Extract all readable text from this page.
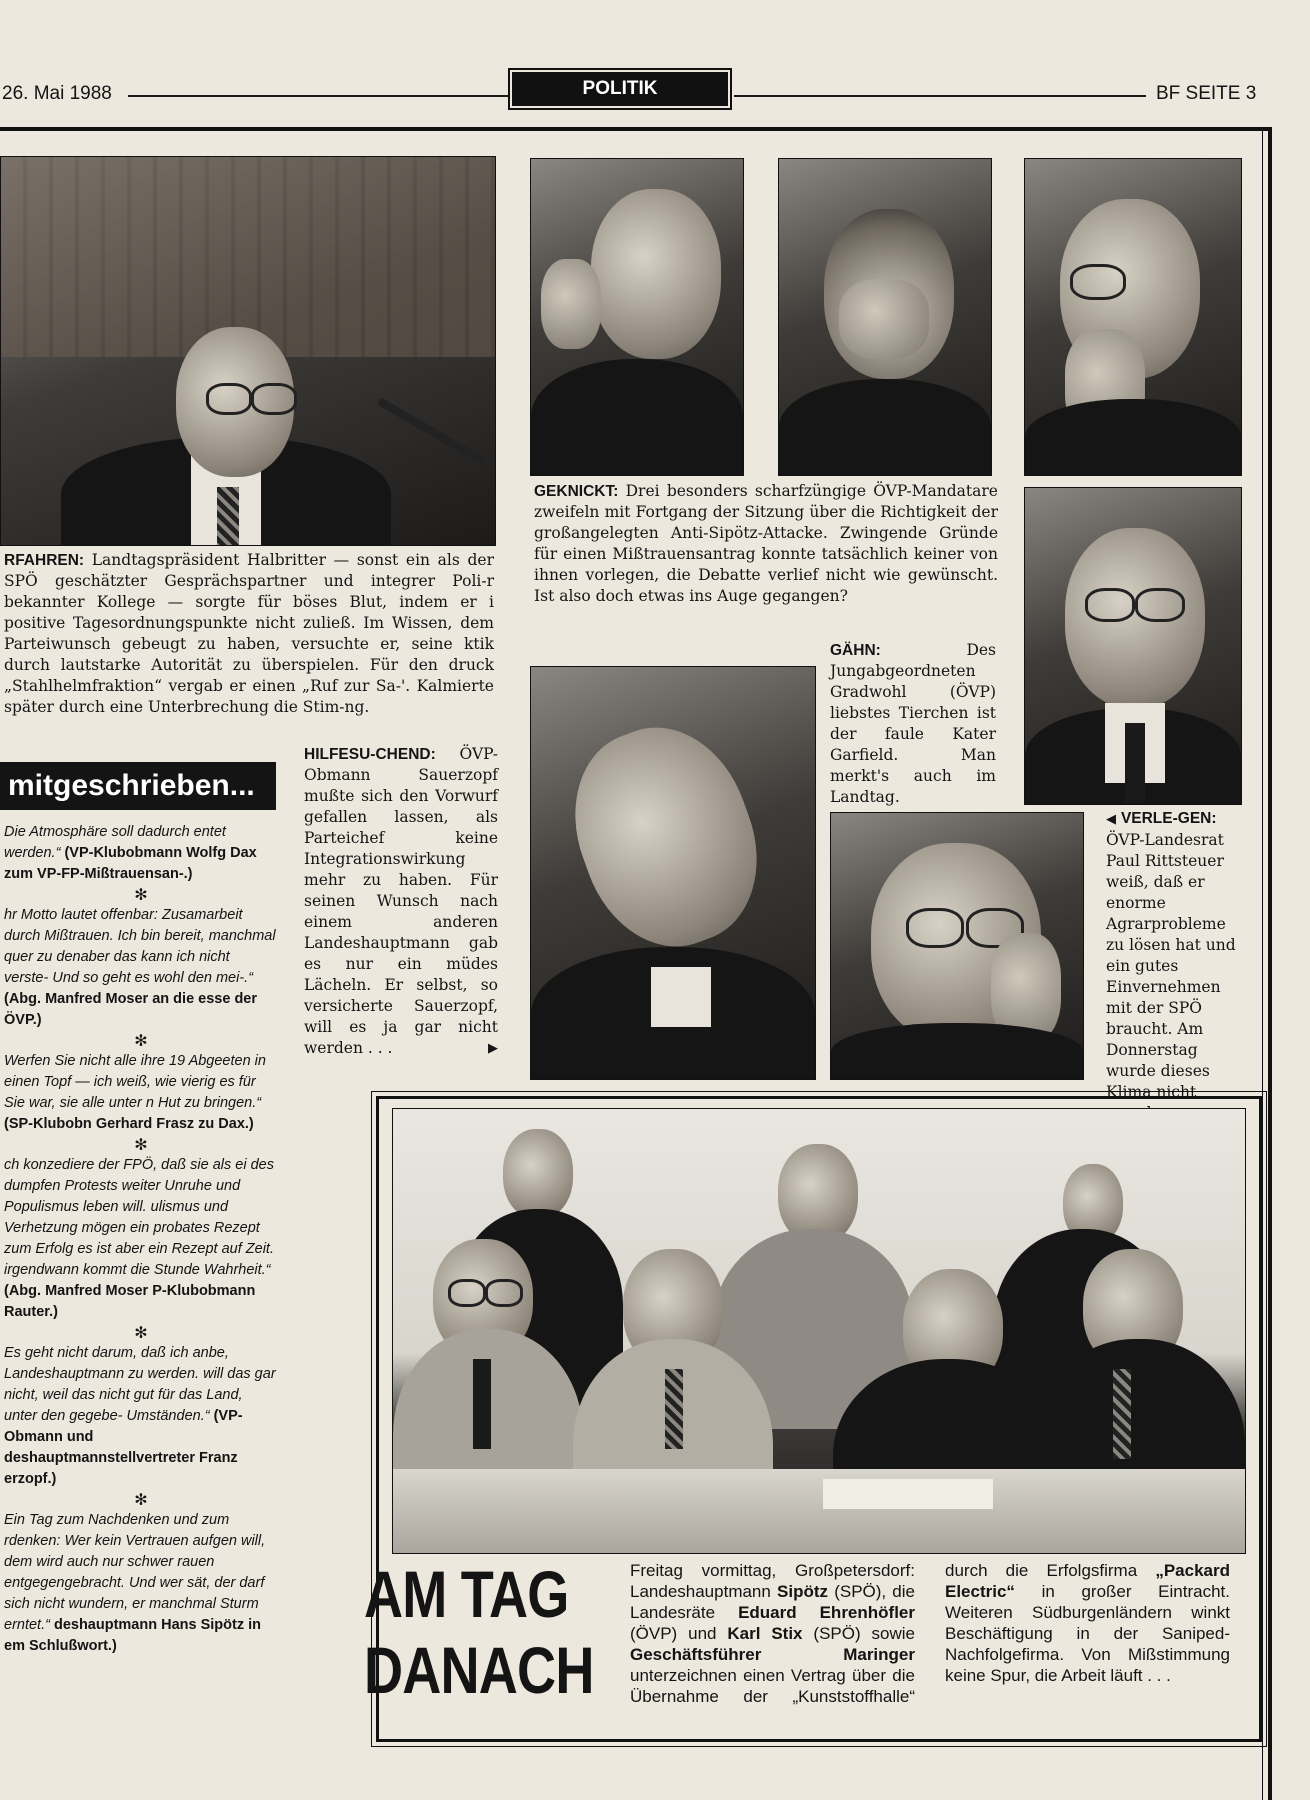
26. Mai 1988	POLITIK	BF SEITE 3
RFAHREN: Landtagspräsident Halbritter — sonst ein als der SPÖ geschätzter Gesprächspartner und integrer Poli-r bekannter Kollege — sorgte für böses Blut, indem er i positive Tagesordnungspunkte nicht zuließ. Im Wissen, dem Parteiwunsch gebeugt zu haben, versuchte er, seine ktik durch lautstarke Autorität zu überspielen. Für den druck „Stahlhelmfraktion“ vergab er einen „Ruf zur Sa-'. Kalmierte später durch eine Unterbrechung die Stim-ng.
GEKNICKT: Drei besonders scharfzüngige ÖVP-Mandatare zweifeln mit Fortgang der Sitzung über die Richtigkeit der großangelegten Anti-Sipötz-Attacke. Zwingende Gründe für einen Mißtrauensantrag konnte tatsächlich keiner von ihnen vorlegen, die Debatte verlief nicht wie gewünscht. Ist also doch etwas ins Auge gegangen?
GÄHN:	Des Jungabgeordneten Gradwohl (ÖVP) liebstes Tierchen ist der faule Kater Garfield. Man merkt's auch im Landtag.
◀ VERLE-GEN: ÖVP-Landesrat Paul Rittsteuer weiß, daß er enorme Agrarprobleme zu lösen hat und ein gutes Einvernehmen mit der SPÖ braucht. Am Donnerstag wurde dieses Klima nicht
HILFESU-CHEND: ÖVP-Obmann Sauerzopf mußte sich den Vorwurf gefallen lassen, als Parteichef keine Integrationswirkung mehr zu haben. Für seinen Wunsch nach einem anderen Landeshauptmann gab es nur ein müdes Lächeln. Er selbst, so versicherte Sauerzopf, will es ja gar nicht werden . . .	▶
mitgeschrieben...
Die Atmosphäre soll dadurch entet werden.“ (VP-Klubobmann Wolfg Dax zum VP-FP-Mißtrauensan-.)
✻
hr Motto lautet offenbar: Zusamarbeit durch Mißtrauen. Ich bin bereit, manchmal quer zu denaber das kann ich nicht verste- Und so geht es wohl den mei-.“ (Abg. Manfred Moser an die esse der ÖVP.)
✻
Werfen Sie nicht alle ihre 19 Abgeeten in einen Topf — ich weiß, wie vierig es für Sie war, sie alle unter n Hut zu bringen.“ (SP-Klubobn Gerhard Frasz zu Dax.)
✻
ch konzediere der FPÖ, daß sie als ei des dumpfen Protests weiter Unruhe und Populismus leben will. ulismus und Verhetzung mögen ein probates Rezept zum Erfolg es ist aber ein Rezept auf Zeit. irgendwann kommt die Stunde Wahrheit.“ (Abg. Manfred Moser P-Klubobmann Rauter.)
✻
Es geht nicht darum, daß ich anbe, Landeshauptmann zu werden. will das gar nicht, weil das nicht gut für das Land, unter den gegebe- Umständen.“ (VP-Obmann und deshauptmannstellvertreter Franz erzopf.)
✻
Ein Tag zum Nachdenken und zum rdenken: Wer kein Vertrauen aufgen will, dem wird auch nur schwer rauen entgegengebracht. Und wer sät, der darf sich nicht wundern, er manchmal Sturm erntet.“ deshauptmann Hans Sipötz in em Schlußwort.)
AM TAG
DANACH
Freitag vormittag, Großpetersdorf: Landeshauptmann Sipötz (SPÖ), die Landesräte Eduard Ehrenhöfler (ÖVP) und Karl Stix (SPÖ) sowie Geschäftsführer Maringer unterzeichnen einen Vertrag über die Übernahme der „Kunststoffhalle“ durch die Erfolgsfirma „Packard Electric“ in großer Eintracht. Weiteren Südburgenländern winkt Beschäftigung in der Saniped-Nachfolgefirma. Von Mißstimmung keine Spur, die Arbeit läuft . . .
